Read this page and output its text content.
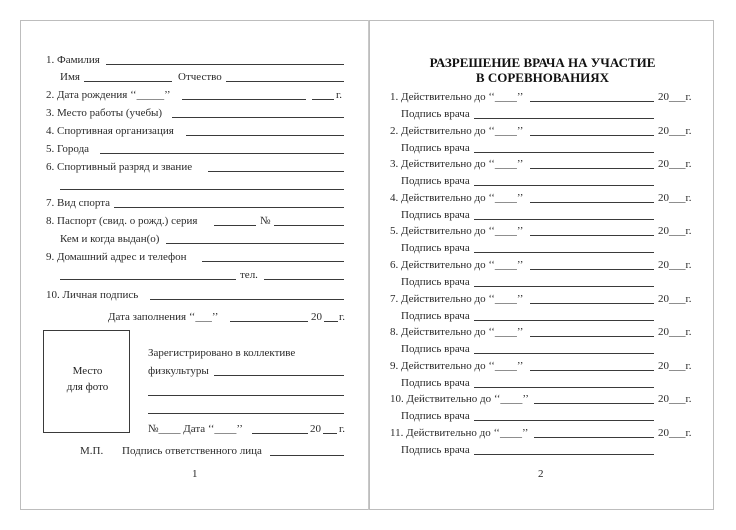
1. Фамилия
Имя	Отчество
2. Дата рождения ‘‘_____’’	г.
3. Место работы (учебы)
4. Спортивная организация
5. Города
6. Спортивный разряд и звание
7. Вид спорта
8. Паспорт (свид. о рожд.) серия	№
Кем и когда выдан(о)
9. Домашний адрес и телефон
тел.
10. Личная подпись
Дата заполнения ‘‘___’’	20 г.
Место
для фото
Зарегистрировано в коллективе
физкультуры
№____ Дата ‘‘____’’	20 г.
М.П. Подпись ответственного лица
1
РАЗРЕШЕНИЕ ВРАЧА НА УЧАСТИЕ
В СОРЕВНОВАНИЯХ
1. Действительно до ‘‘____’’	20___г.
Подпись врача
2. Действительно до ‘‘____’’	20___г.
Подпись врача
3. Действительно до ‘‘____’’	20___г.
Подпись врача
4. Действительно до ‘‘____’’	20___г.
Подпись врача
5. Действительно до ‘‘____’’	20___г.
Подпись врача
6. Действительно до ‘‘____’’	20___г.
Подпись врача
7. Действительно до ‘‘____’’	20___г.
Подпись врача
8. Действительно до ‘‘____’’	20___г.
Подпись врача
9. Действительно до ‘‘____’’	20___г.
Подпись врача
10. Действительно до ‘‘____’’	20___г.
Подпись врача
11. Действительно до ‘‘____’’	20___г.
Подпись врача
2
